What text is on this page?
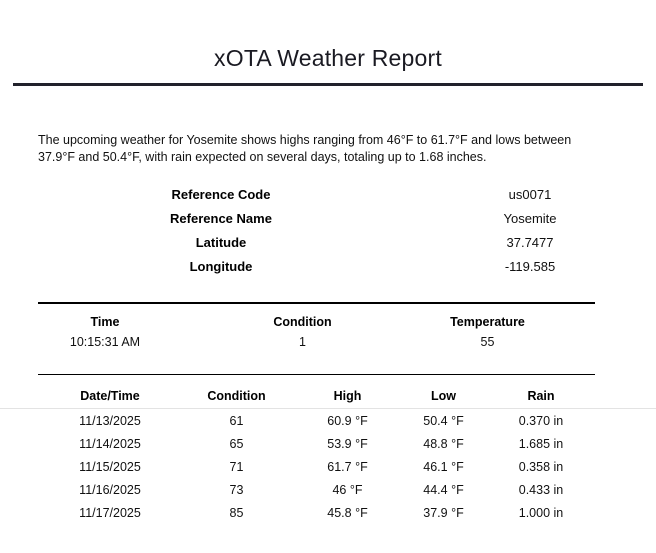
xOTA Weather Report

The upcoming weather for Yosemite shows highs ranging from 46°F to 61.7°F and lows between 37.9°F and 50.4°F, with rain expected on several days, totaling up to 1.68 inches.

Reference Code	us0071	
Reference Name	Yosemite	
Latitude	37.7477	
Longitude	-119.585	
Time	Condition	Temperature	
10:15:31 AM	1	55	
	Date/Time	Condition	High	Low	Rain	
	11/13/2025	61	60.9 °F	50.4 °F	0.370 in	
	11/14/2025	65	53.9 °F	48.8 °F	1.685 in	
	11/15/2025	71	61.7 °F	46.1 °F	0.358 in	
	11/16/2025	73	46 °F	44.4 °F	0.433 in	
	11/17/2025	85	45.8 °F	37.9 °F	1.000 in	
